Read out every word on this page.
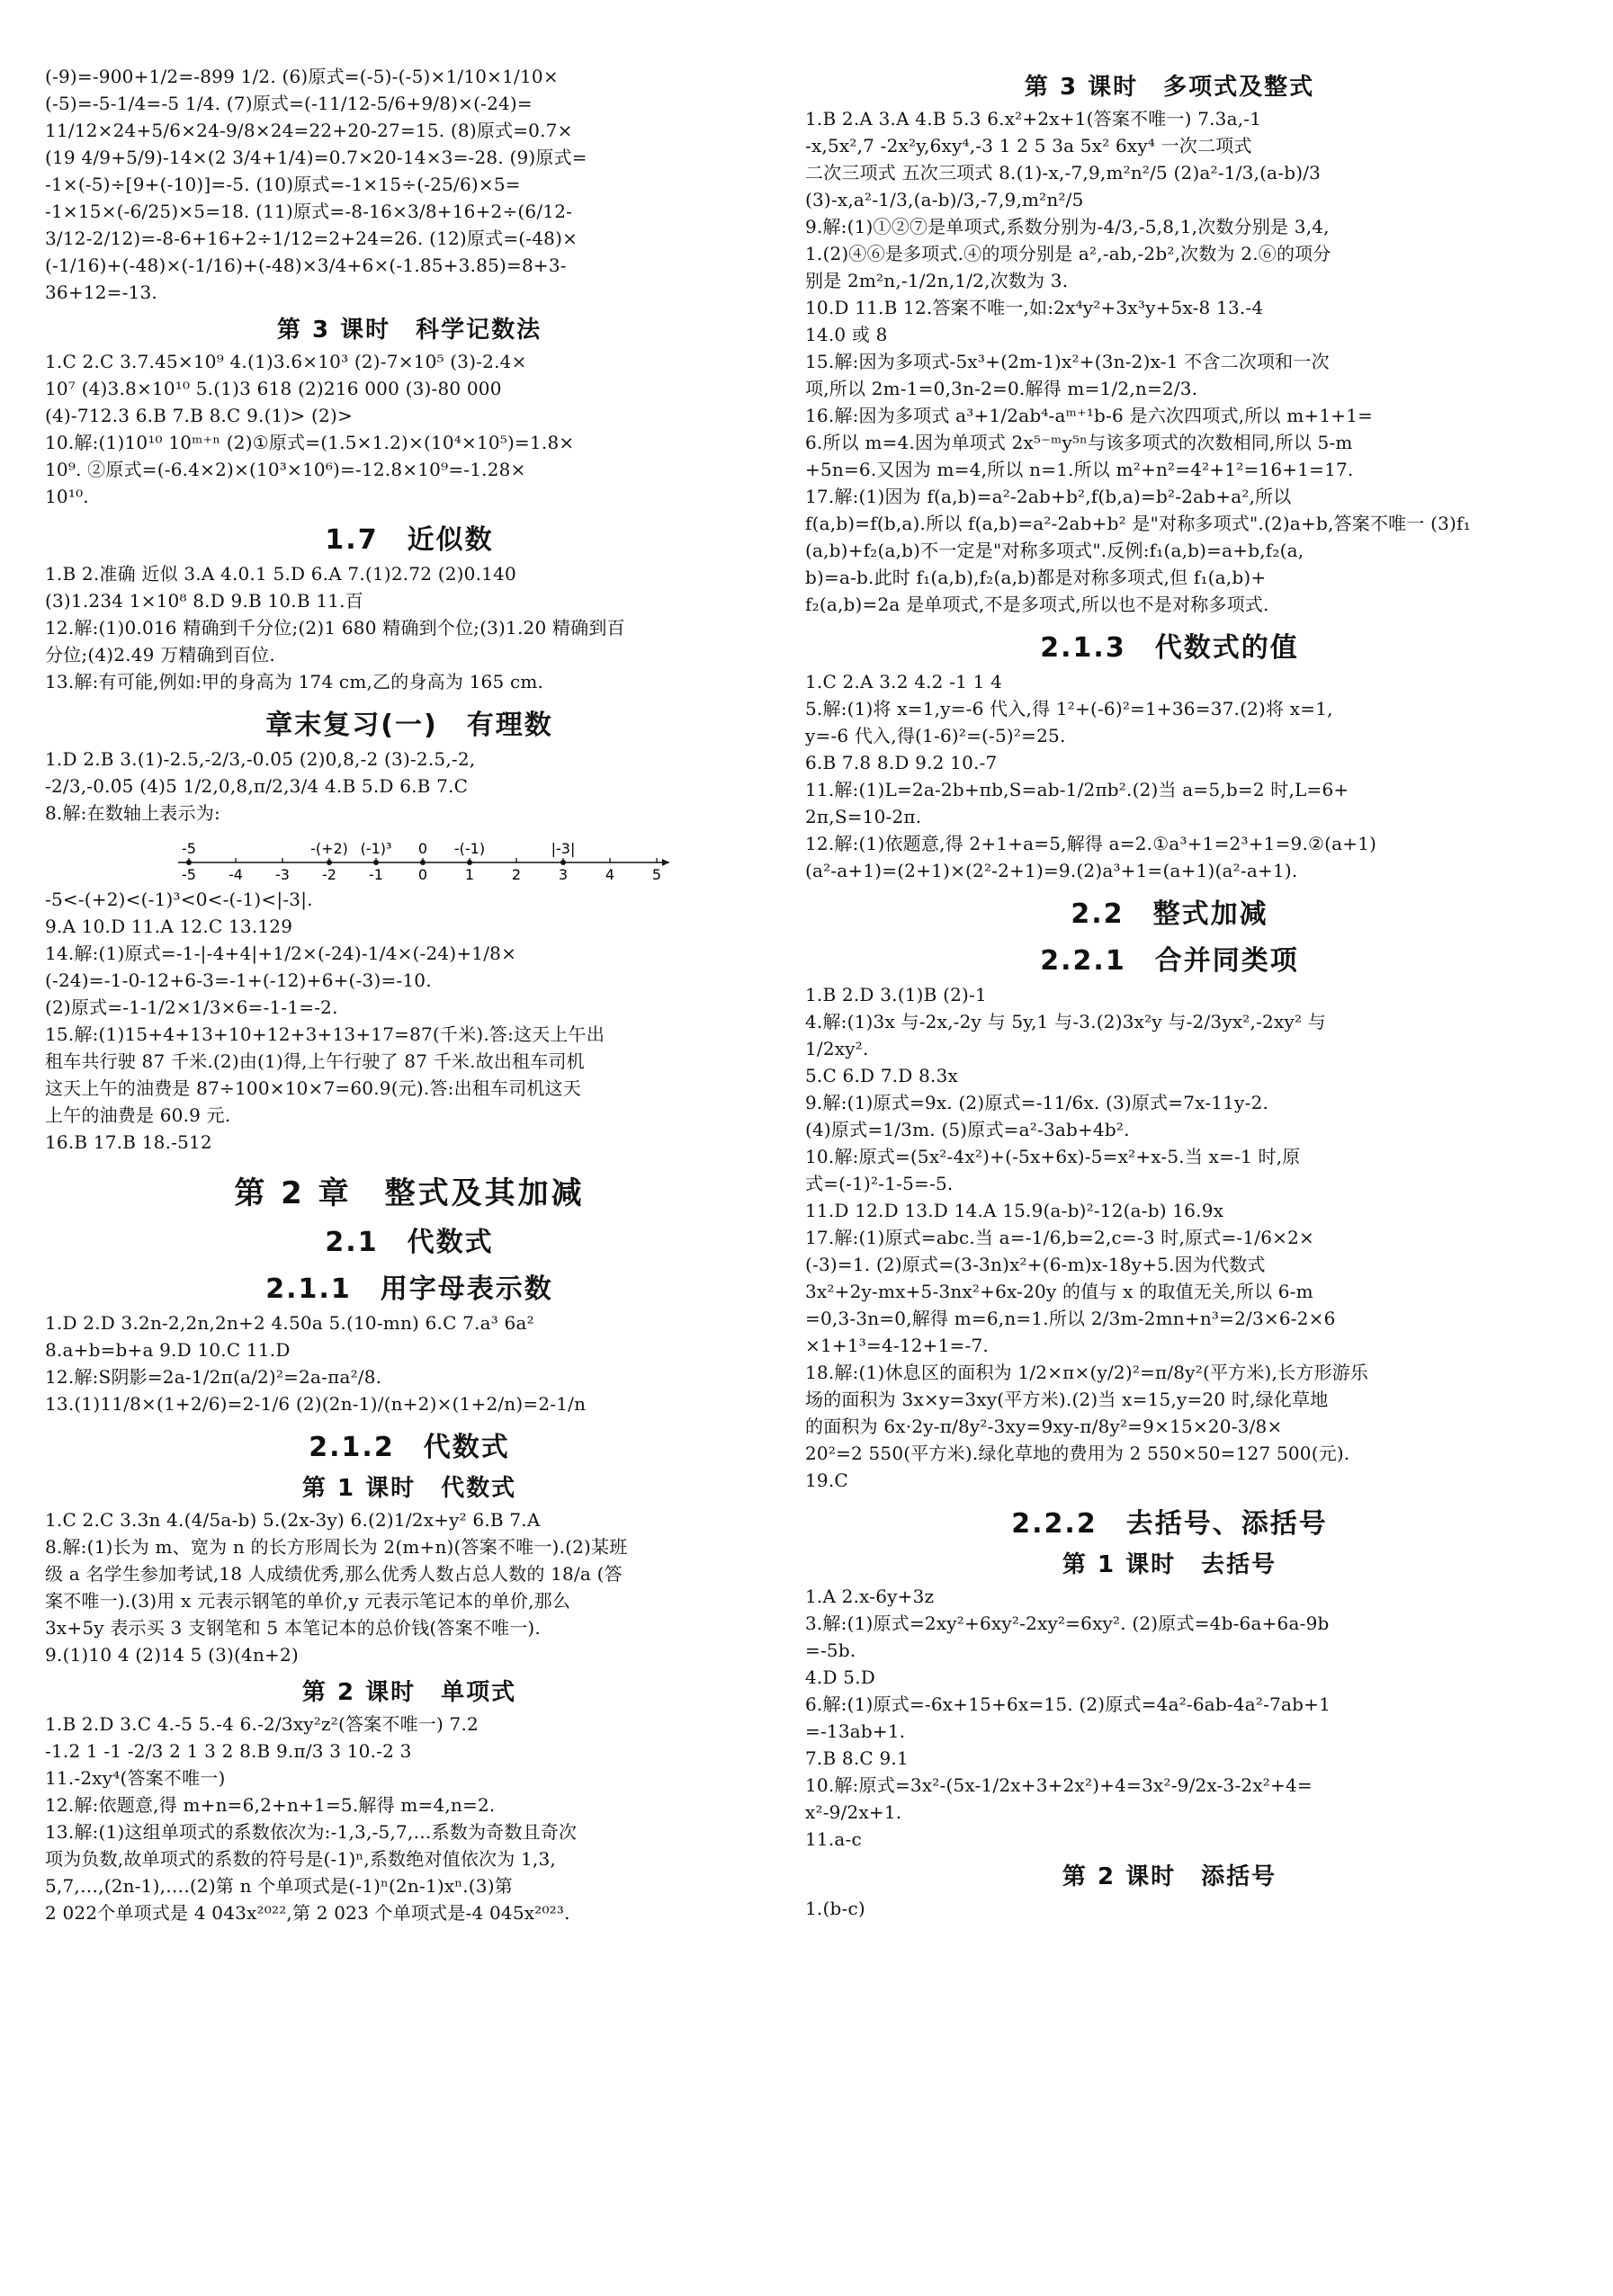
(-9)=-900+1/2=-899 1/2. (6)原式=(-5)-(-5)×1/10×1/10×
(-5)=-5-1/4=-5 1/4. (7)原式=(-11/12-5/6+9/8)×(-24)=
11/12×24+5/6×24-9/8×24=22+20-27=15. (8)原式=0.7×
(19 4/9+5/9)-14×(2 3/4+1/4)=0.7×20-14×3=-28. (9)原式=
-1×(-5)÷[9+(-10)]=-5. (10)原式=-1×15÷(-25/6)×5=
-1×15×(-6/25)×5=18. (11)原式=-8-16×3/8+16+2÷(6/12-
3/12-2/12)=-8-6+16+2÷1/12=2+24=26. (12)原式=(-48)×
(-1/16)+(-48)×(-1/16)+(-48)×3/4+6×(-1.85+3.85)=8+3-
36+12=-13.
第 3 课时　科学记数法
1.C 2.C 3.7.45×10⁹ 4.(1)3.6×10³ (2)-7×10⁵ (3)-2.4×
10⁷ (4)3.8×10¹⁰ 5.(1)3 618 (2)216 000 (3)-80 000
(4)-712.3 6.B 7.B 8.C 9.(1)> (2)>
10.解:(1)10¹⁰ 10ᵐ⁺ⁿ (2)①原式=(1.5×1.2)×(10⁴×10⁵)=1.8×
10⁹. ②原式=(-6.4×2)×(10³×10⁶)=-12.8×10⁹=-1.28×
10¹⁰.
1.7　近似数
1.B 2.准确 近似 3.A 4.0.1 5.D 6.A 7.(1)2.72 (2)0.140
(3)1.234 1×10⁸ 8.D 9.B 10.B 11.百
12.解:(1)0.016 精确到千分位;(2)1 680 精确到个位;(3)1.20 精确到百
分位;(4)2.49 万精确到百位.
13.解:有可能,例如:甲的身高为 174 cm,乙的身高为 165 cm.
章末复习(一)　有理数
1.D 2.B 3.(1)-2.5,-2/3,-0.0̇5̇ (2)0,8,-2 (3)-2.5,-2,
-2/3,-0.0̇5̇ (4)5 1/2,0,8,π/2,3/4 4.B 5.D 6.B 7.C
8.解:在数轴上表示为:
-5 -4 -3 -2 -1 0	1	2	3	4	5
-5	-(+2) (-1)³ 0 -(-1)	|-3|
-5<-(+2)<(-1)³<0<-(-1)<|-3|.
9.A 10.D 11.A 12.C 13.129
14.解:(1)原式=-1-|-4+4|+1/2×(-24)-1/4×(-24)+1/8×
(-24)=-1-0-12+6-3=-1+(-12)+6+(-3)=-10.
(2)原式=-1-1/2×1/3×6=-1-1=-2.
15.解:(1)15+4+13+10+12+3+13+17=87(千米).答:这天上午出
租车共行驶 87 千米.(2)由(1)得,上午行驶了 87 千米.故出租车司机
这天上午的油费是 87÷100×10×7=60.9(元).答:出租车司机这天
上午的油费是 60.9 元.
16.B 17.B 18.-512
第 2 章　整式及其加减
2.1　代数式
2.1.1　用字母表示数
1.D 2.D 3.2n-2,2n,2n+2 4.50a 5.(10-mn) 6.C 7.a³ 6a²
8.a+b=b+a 9.D 10.C 11.D
12.解:S阴影=2a-1/2π(a/2)²=2a-πa²/8.
13.(1)11/8×(1+2/6)=2-1/6 (2)(2n-1)/(n+2)×(1+2/n)=2-1/n
2.1.2　代数式
第 1 课时　代数式
1.C 2.C 3.3n 4.(4/5a-b) 5.(2x-3y) 6.(2)1/2x+y² 6.B 7.A
8.解:(1)长为 m、宽为 n 的长方形周长为 2(m+n)(答案不唯一).(2)某班
级 a 名学生参加考试,18 人成绩优秀,那么优秀人数占总人数的 18/a (答
案不唯一).(3)用 x 元表示钢笔的单价,y 元表示笔记本的单价,那么
3x+5y 表示买 3 支钢笔和 5 本笔记本的总价钱(答案不唯一).
9.(1)10 4 (2)14 5 (3)(4n+2)
第 2 课时　单项式
1.B 2.D 3.C 4.-5 5.-4 6.-2/3xy²z²(答案不唯一) 7.2
-1.2 1 -1 -2/3 2 1 3 2 8.B 9.π/3 3 10.-2 3
11.-2xy⁴(答案不唯一)
12.解:依题意,得 m+n=6,2+n+1=5.解得 m=4,n=2.
13.解:(1)这组单项式的系数依次为:-1,3,-5,7,…系数为奇数且奇次
项为负数,故单项式的系数的符号是(-1)ⁿ,系数绝对值依次为 1,3,
5,7,…,(2n-1),….(2)第 n 个单项式是(-1)ⁿ(2n-1)xⁿ.(3)第
2 022个单项式是 4 043x²⁰²²,第 2 023 个单项式是-4 045x²⁰²³.
第 3 课时　多项式及整式
1.B 2.A 3.A 4.B 5.3 6.x²+2x+1(答案不唯一) 7.3a,-1
-x,5x²,7 -2x²y,6xy⁴,-3 1 2 5 3a 5x² 6xy⁴ 一次二项式
二次三项式 五次三项式 8.(1)-x,-7,9,m²n²/5 (2)a²-1/3,(a-b)/3
(3)-x,a²-1/3,(a-b)/3,-7,9,m²n²/5
9.解:(1)①②⑦是单项式,系数分别为-4/3,-5,8,1,次数分别是 3,4,
1.(2)④⑥是多项式.④的项分别是 a²,-ab,-2b²,次数为 2.⑥的项分
别是 2m²n,-1/2n,1/2,次数为 3.
10.D 11.B 12.答案不唯一,如:2x⁴y²+3x³y+5x-8 13.-4
14.0 或 8
15.解:因为多项式-5x³+(2m-1)x²+(3n-2)x-1 不含二次项和一次
项,所以 2m-1=0,3n-2=0.解得 m=1/2,n=2/3.
16.解:因为多项式 a³+1/2ab⁴-aᵐ⁺¹b-6 是六次四项式,所以 m+1+1=
6.所以 m=4.因为单项式 2x⁵⁻ᵐy⁵ⁿ与该多项式的次数相同,所以 5-m
+5n=6.又因为 m=4,所以 n=1.所以 m²+n²=4²+1²=16+1=17.
17.解:(1)因为 f(a,b)=a²-2ab+b²,f(b,a)=b²-2ab+a²,所以
f(a,b)=f(b,a).所以 f(a,b)=a²-2ab+b² 是"对称多项式".(2)a+b,答案不唯一 (3)f₁
(a,b)+f₂(a,b)不一定是"对称多项式".反例:f₁(a,b)=a+b,f₂(a,
b)=a-b.此时 f₁(a,b),f₂(a,b)都是对称多项式,但 f₁(a,b)+
f₂(a,b)=2a 是单项式,不是多项式,所以也不是对称多项式.
2.1.3　代数式的值
1.C 2.A 3.2 4.2 -1 1 4
5.解:(1)将 x=1,y=-6 代入,得 1²+(-6)²=1+36=37.(2)将 x=1,
y=-6 代入,得(1-6)²=(-5)²=25.
6.B 7.8 8.D 9.2 10.-7
11.解:(1)L=2a-2b+πb,S=ab-1/2πb².(2)当 a=5,b=2 时,L=6+
2π,S=10-2π.
12.解:(1)依题意,得 2+1+a=5,解得 a=2.①a³+1=2³+1=9.②(a+1)
(a²-a+1)=(2+1)×(2²-2+1)=9.(2)a³+1=(a+1)(a²-a+1).
2.2　整式加减
2.2.1　合并同类项
1.B 2.D 3.(1)B (2)-1
4.解:(1)3x 与-2x,-2y 与 5y,1 与-3.(2)3x²y 与-2/3yx²,-2xy² 与
1/2xy².
5.C 6.D 7.D 8.3x
9.解:(1)原式=9x. (2)原式=-11/6x. (3)原式=7x-11y-2.
(4)原式=1/3m. (5)原式=a²-3ab+4b².
10.解:原式=(5x²-4x²)+(-5x+6x)-5=x²+x-5.当 x=-1 时,原
式=(-1)²-1-5=-5.
11.D 12.D 13.D 14.A 15.9(a-b)²-12(a-b) 16.9x
17.解:(1)原式=abc.当 a=-1/6,b=2,c=-3 时,原式=-1/6×2×
(-3)=1. (2)原式=(3-3n)x²+(6-m)x-18y+5.因为代数式
3x²+2y-mx+5-3nx²+6x-20y 的值与 x 的取值无关,所以 6-m
=0,3-3n=0,解得 m=6,n=1.所以 2/3m-2mn+n³=2/3×6-2×6
×1+1³=4-12+1=-7.
18.解:(1)休息区的面积为 1/2×π×(y/2)²=π/8y²(平方米),长方形游乐
场的面积为 3x×y=3xy(平方米).(2)当 x=15,y=20 时,绿化草地
的面积为 6x·2y-π/8y²-3xy=9xy-π/8y²=9×15×20-3/8×
20²=2 550(平方米).绿化草地的费用为 2 550×50=127 500(元).
19.C
2.2.2　去括号、添括号
第 1 课时　去括号
1.A 2.x-6y+3z
3.解:(1)原式=2xy²+6xy²-2xy²=6xy². (2)原式=4b-6a+6a-9b
=-5b.
4.D 5.D
6.解:(1)原式=-6x+15+6x=15. (2)原式=4a²-6ab-4a²-7ab+1
=-13ab+1.
7.B 8.C 9.1
10.解:原式=3x²-(5x-1/2x+3+2x²)+4=3x²-9/2x-3-2x²+4=
x²-9/2x+1.
11.a-c
第 2 课时　添括号
1.(b-c)
